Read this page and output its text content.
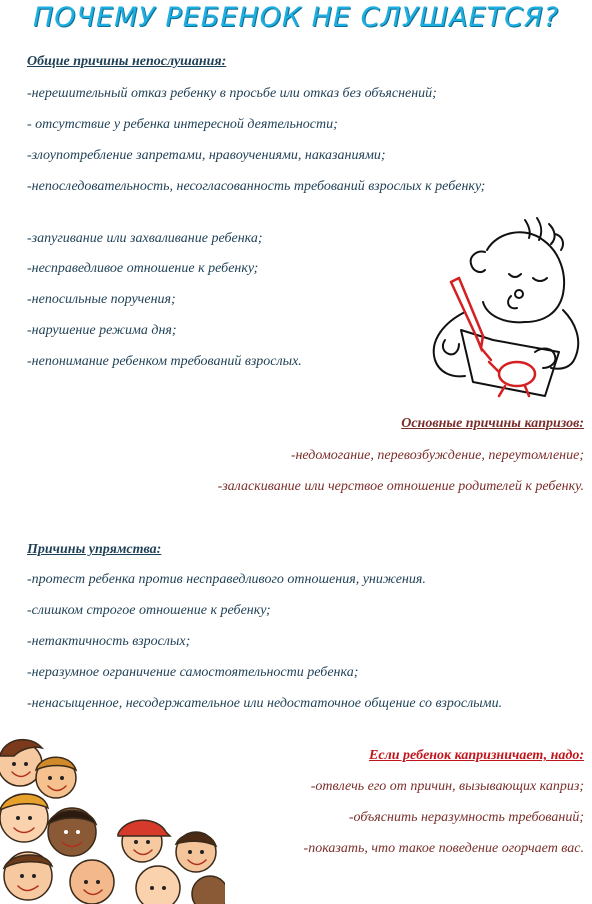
ПОЧЕМУ РЕБЕНОК НЕ СЛУШАЕТСЯ?
Общие причины непослушания:
-нерешительный отказ ребенку в просьбе или отказ без объяснений;
- отсутствие у ребенка интересной деятельности;
-злоупотребление запретами, нравоучениями, наказаниями;
-непоследовательность, несогласованность требований взрослых к ребенку;
-запугивание или захваливание ребенка;
-несправедливое отношение к ребенку;
-непосильные поручения;
-нарушение режима дня;
-непонимание ребенком требований взрослых.
Основные причины капризов:
-недомогание, перевозбуждение, переутомление;
-заласкивание или черствое отношение родителей к ребенку.
Причины упрямства:
-протест ребенка против несправедливого отношения, унижения.
-слишком строгое отношение к ребенку;
-нетактичность взрослых;
-неразумное ограничение самостоятельности ребенка;
-ненасыщенное, несодержательное или недостаточное общение со взрослыми.
Если ребенок капризничает, надо:
-отвлечь его от причин, вызывающих каприз;
-объяснить неразумность требований;
-показать, что такое поведение огорчает вас.
